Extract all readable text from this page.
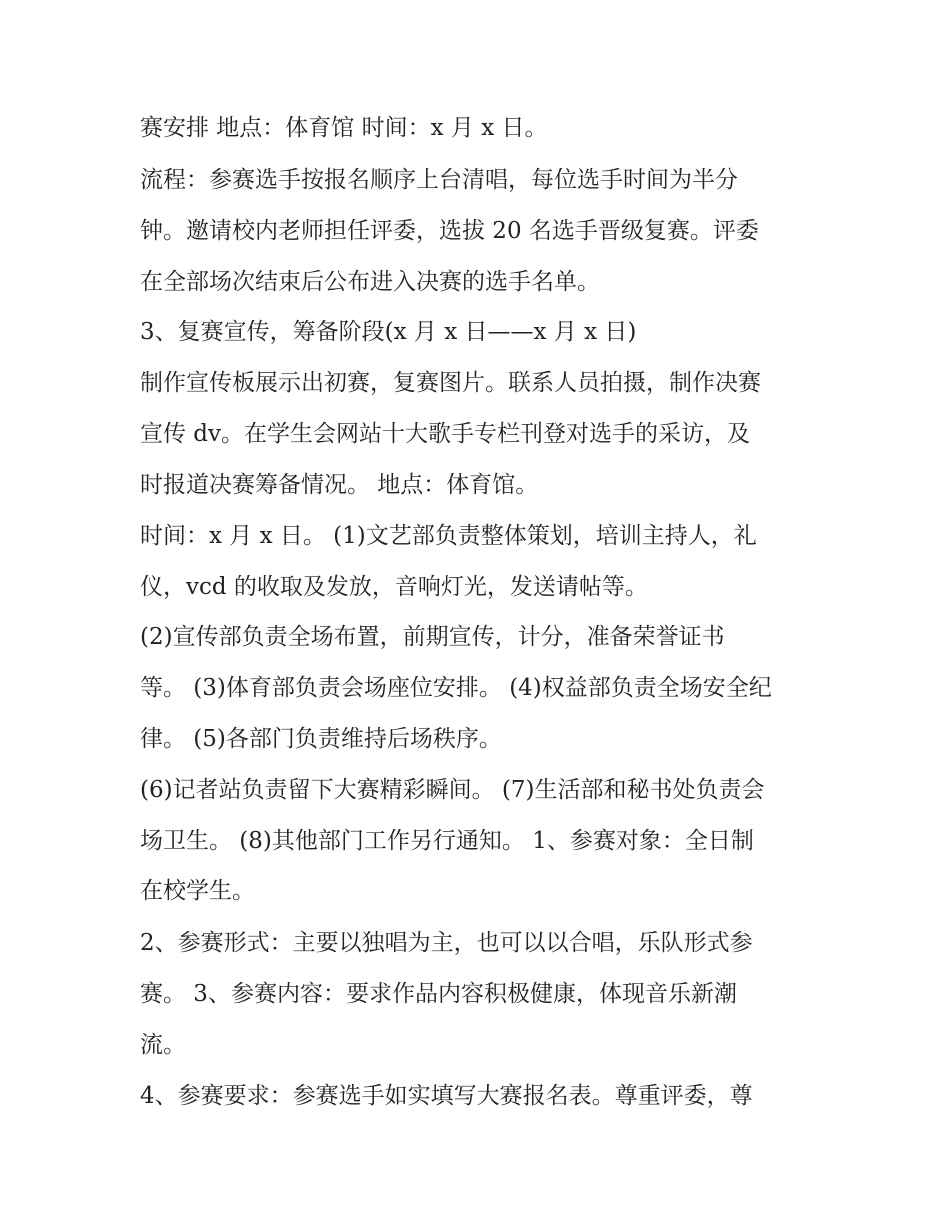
赛安排 地点：体育馆 时间：x 月 x 日。

流程：参赛选手按报名顺序上台清唱，每位选手时间为半分

钟。邀请校内老师担任评委，选拔 20 名选手晋级复赛。评委

在全部场次结束后公布进入决赛的选手名单。

3、复赛宣传，筹备阶段(x 月 x 日——x 月 x 日)

制作宣传板展示出初赛，复赛图片。联系人员拍摄，制作决赛

宣传 dv。在学生会网站十大歌手专栏刊登对选手的采访，及

时报道决赛筹备情况。 地点：体育馆。

时间：x 月 x 日。 (1)文艺部负责整体策划，培训主持人，礼

仪，vcd 的收取及发放，音响灯光，发送请帖等。

(2)宣传部负责全场布置，前期宣传，计分，准备荣誉证书

等。 (3)体育部负责会场座位安排。 (4)权益部负责全场安全纪

律。 (5)各部门负责维持后场秩序。

(6)记者站负责留下大赛精彩瞬间。 (7)生活部和秘书处负责会

场卫生。 (8)其他部门工作另行通知。 1、参赛对象：全日制

在校学生。

2、参赛形式：主要以独唱为主，也可以以合唱，乐队形式参

赛。 3、参赛内容：要求作品内容积极健康，体现音乐新潮

流。

4、参赛要求：参赛选手如实填写大赛报名表。尊重评委，尊
